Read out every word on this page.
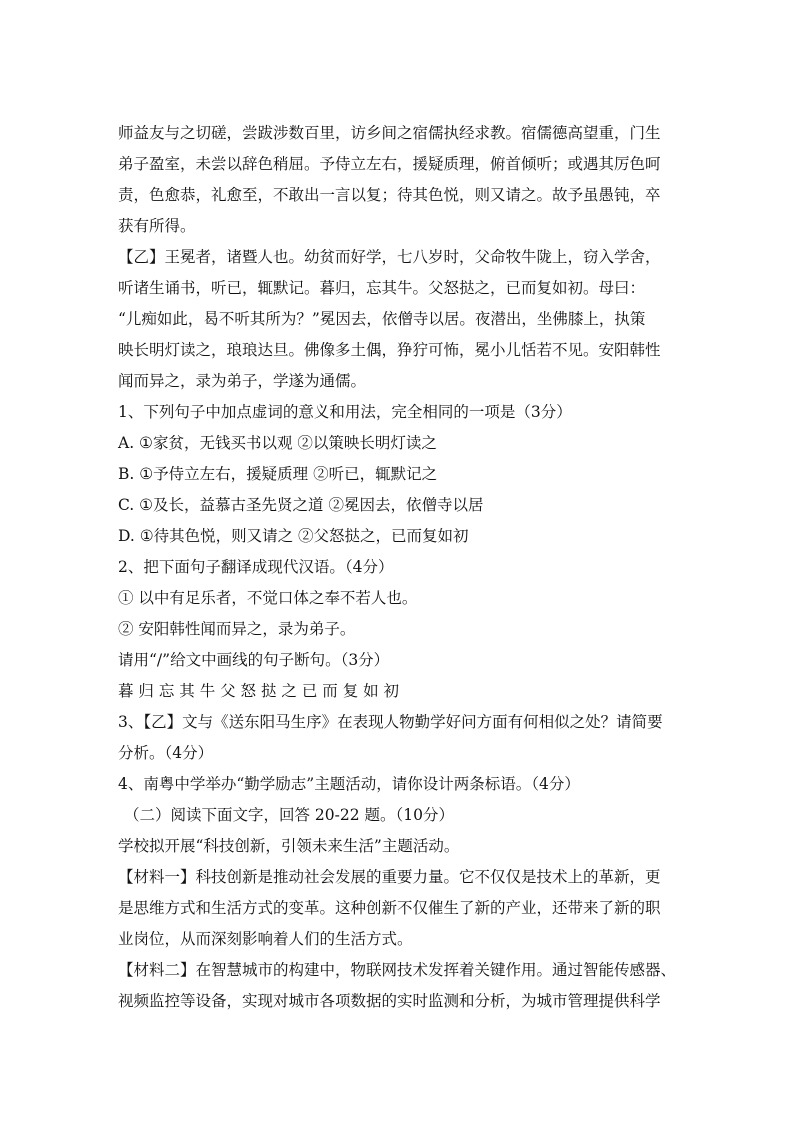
师益友与之切磋，尝跋涉数百里，访乡间之宿儒执经求教。宿儒德高望重，门生
弟子盈室，未尝以辞色稍屈。予侍立左右，援疑质理，俯首倾听；或遇其厉色呵
责，色愈恭，礼愈至，不敢出一言以复；待其色悦，则又请之。故予虽愚钝，卒
获有所得。
【乙】王冕者，诸暨人也。幼贫而好学，七八岁时，父命牧牛陇上，窃入学舍，
听诸生诵书，听已，辄默记。暮归，忘其牛。父怒挞之，已而复如初。母曰：
“儿痴如此，曷不听其所为？”冕因去，依僧寺以居。夜潜出，坐佛膝上，执策
映长明灯读之，琅琅达旦。佛像多土偶，狰狞可怖，冕小儿恬若不见。安阳韩性
闻而异之，录为弟子，学遂为通儒。
1、下列句子中加点虚词的意义和用法，完全相同的一项是（3分）
A. ①家贫，无钱买书以观 ②以策映长明灯读之
B. ①予侍立左右，援疑质理 ②听已，辄默记之
C. ①及长，益慕古圣先贤之道 ②冕因去，依僧寺以居
D. ①待其色悦，则又请之 ②父怒挞之，已而复如初
2、把下面句子翻译成现代汉语。（4分）
① 以中有足乐者，不觉口体之奉不若人也。
② 安阳韩性闻而异之，录为弟子。
请用“/”给文中画线的句子断句。（3分）
暮 归 忘 其 牛 父 怒 挞 之 已 而 复 如 初
3、【乙】文与《送东阳马生序》在表现人物勤学好问方面有何相似之处？请简要
分析。（4分）
4、南粤中学举办“勤学励志”主题活动，请你设计两条标语。（4分）
（二）阅读下面文字，回答 20-22 题。（10分）
学校拟开展“科技创新，引领未来生活”主题活动。
【材料一】科技创新是推动社会发展的重要力量。它不仅仅是技术上的革新，更
是思维方式和生活方式的变革。这种创新不仅催生了新的产业，还带来了新的职
业岗位，从而深刻影响着人们的生活方式。
【材料二】在智慧城市的构建中，物联网技术发挥着关键作用。通过智能传感器、
视频监控等设备，实现对城市各项数据的实时监测和分析，为城市管理提供科学
